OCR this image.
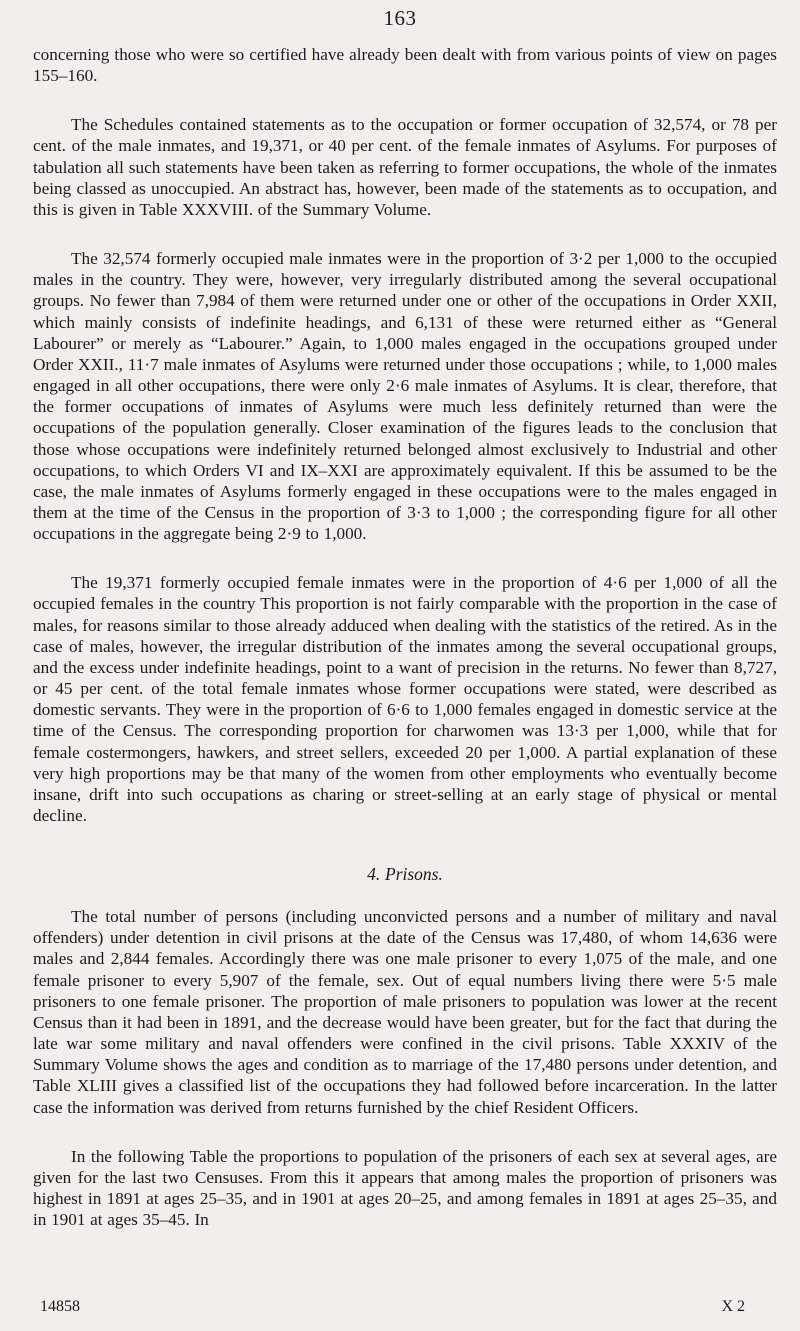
163

concerning those who were so certified have already been dealt with from various points of view on pages 155–160.

The Schedules contained statements as to the occupation or former occupation of 32,574, or 78 per cent. of the male inmates, and 19,371, or 40 per cent. of the female inmates of Asylums. For purposes of tabulation all such statements have been taken as referring to former occupations, the whole of the inmates being classed as unoccupied. An abstract has, however, been made of the statements as to occupation, and this is given in Table XXXVIII. of the Summary Volume.

The 32,574 formerly occupied male inmates were in the proportion of 3·2 per 1,000 to the occupied males in the country. They were, however, very irregularly distributed among the several occupational groups. No fewer than 7,984 of them were returned under one or other of the occupations in Order XXII, which mainly consists of indefinite headings, and 6,131 of these were returned either as “General Labourer” or merely as “Labourer.” Again, to 1,000 males engaged in the occupations grouped under Order XXII., 11·7 male inmates of Asylums were returned under those occupations ; while, to 1,000 males engaged in all other occupations, there were only 2·6 male inmates of Asylums. It is clear, therefore, that the former occupations of inmates of Asylums were much less definitely returned than were the occupations of the population generally. Closer examination of the figures leads to the conclusion that those whose occupations were indefinitely returned belonged almost exclusively to Industrial and other occupations, to which Orders VI and IX–XXI are approximately equivalent. If this be assumed to be the case, the male inmates of Asylums formerly engaged in these occupations were to the males engaged in them at the time of the Census in the proportion of 3·3 to 1,000 ; the corresponding figure for all other occupations in the aggregate being 2·9 to 1,000.

The 19,371 formerly occupied female inmates were in the proportion of 4·6 per 1,000 of all the occupied females in the country This proportion is not fairly comparable with the proportion in the case of males, for reasons similar to those already adduced when dealing with the statistics of the retired. As in the case of males, however, the irregular distribution of the inmates among the several occupational groups, and the excess under indefinite headings, point to a want of precision in the returns. No fewer than 8,727, or 45 per cent. of the total female inmates whose former occupations were stated, were described as domestic servants. They were in the proportion of 6·6 to 1,000 females engaged in domestic service at the time of the Census. The corresponding proportion for charwomen was 13·3 per 1,000, while that for female costermongers, hawkers, and street sellers, exceeded 20 per 1,000. A partial explanation of these very high proportions may be that many of the women from other employments who eventually become insane, drift into such occupations as charing or street-selling at an early stage of physical or mental decline.

4. Prisons.

The total number of persons (including unconvicted persons and a number of military and naval offenders) under detention in civil prisons at the date of the Census was 17,480, of whom 14,636 were males and 2,844 females. Accordingly there was one male prisoner to every 1,075 of the male, and one female prisoner to every 5,907 of the female, sex. Out of equal numbers living there were 5·5 male prisoners to one female prisoner. The proportion of male prisoners to population was lower at the recent Census than it had been in 1891, and the decrease would have been greater, but for the fact that during the late war some military and naval offenders were confined in the civil prisons. Table XXXIV of the Summary Volume shows the ages and condition as to marriage of the 17,480 persons under detention, and Table XLIII gives a classified list of the occupations they had followed before incarceration. In the latter case the information was derived from returns furnished by the chief Resident Officers.

In the following Table the proportions to population of the prisoners of each sex at several ages, are given for the last two Censuses. From this it appears that among males the proportion of prisoners was highest in 1891 at ages 25–35, and in 1901 at ages 20–25, and among females in 1891 at ages 25–35, and in 1901 at ages 35–45. In

14858	X 2
